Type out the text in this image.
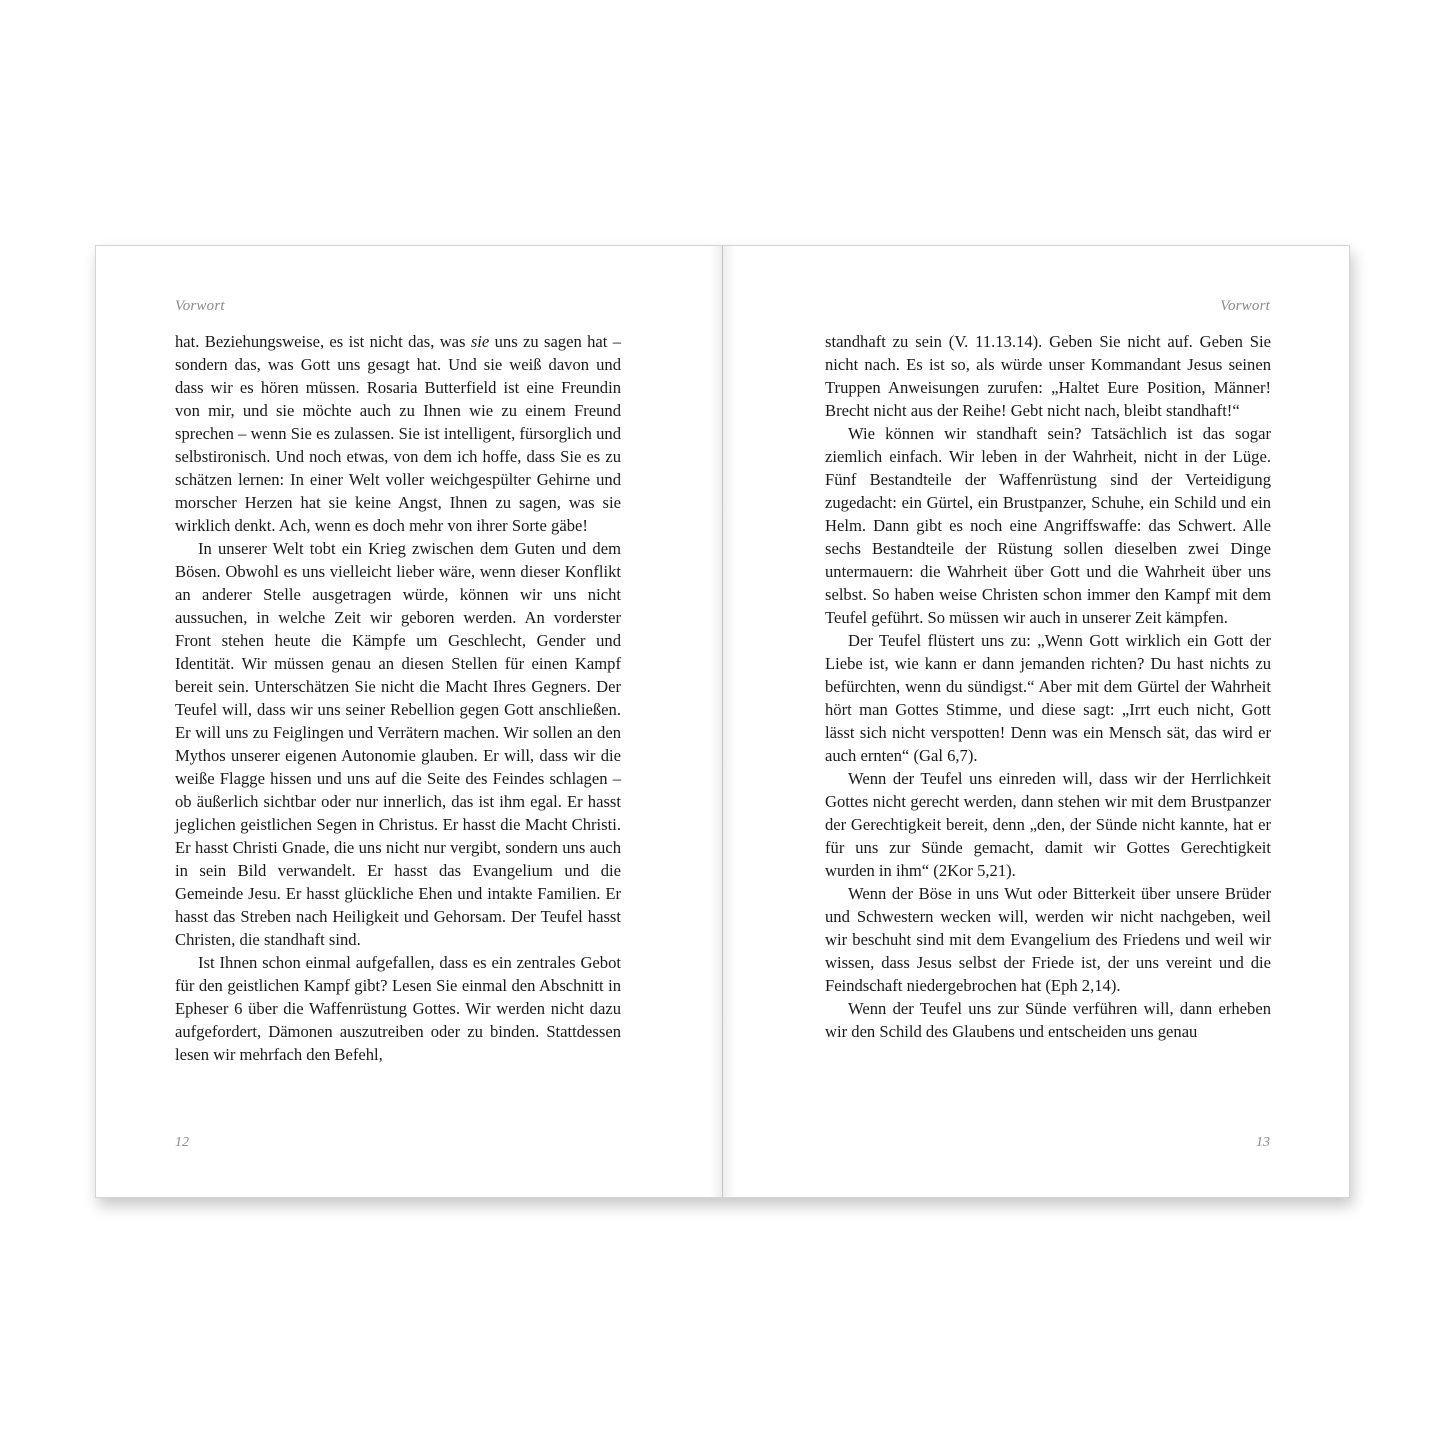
Vorwort

hat. Beziehungsweise, es ist nicht das, was sie uns zu sagen hat – sondern das, was Gott uns gesagt hat. Und sie weiß davon und dass wir es hören müssen. Rosaria Butterfield ist eine Freundin von mir, und sie möchte auch zu Ihnen wie zu einem Freund sprechen – wenn Sie es zulassen. Sie ist intelligent, fürsorglich und selbstironisch. Und noch etwas, von dem ich hoffe, dass Sie es zu schätzen lernen: In einer Welt voller weichgespülter Gehirne und morscher Herzen hat sie keine Angst, Ihnen zu sagen, was sie wirklich denkt. Ach, wenn es doch mehr von ihrer Sorte gäbe!

In unserer Welt tobt ein Krieg zwischen dem Guten und dem Bösen. Obwohl es uns vielleicht lieber wäre, wenn dieser Konflikt an anderer Stelle ausgetragen würde, können wir uns nicht aussuchen, in welche Zeit wir geboren werden. An vorderster Front stehen heute die Kämpfe um Geschlecht, Gender und Identität. Wir müssen genau an diesen Stellen für einen Kampf bereit sein. Unterschätzen Sie nicht die Macht Ihres Gegners. Der Teufel will, dass wir uns seiner Rebellion gegen Gott anschließen. Er will uns zu Feiglingen und Verrätern machen. Wir sollen an den Mythos unserer eigenen Autonomie glauben. Er will, dass wir die weiße Flagge hissen und uns auf die Seite des Feindes schlagen – ob äußerlich sichtbar oder nur innerlich, das ist ihm egal. Er hasst jeglichen geistlichen Segen in Christus. Er hasst die Macht Christi. Er hasst Christi Gnade, die uns nicht nur vergibt, sondern uns auch in sein Bild verwandelt. Er hasst das Evangelium und die Gemeinde Jesu. Er hasst glückliche Ehen und intakte Familien. Er hasst das Streben nach Heiligkeit und Gehorsam. Der Teufel hasst Christen, die standhaft sind.

Ist Ihnen schon einmal aufgefallen, dass es ein zentrales Gebot für den geistlichen Kampf gibt? Lesen Sie einmal den Abschnitt in Epheser 6 über die Waffenrüstung Gottes. Wir werden nicht dazu aufgefordert, Dämonen auszutreiben oder zu binden. Stattdessen lesen wir mehrfach den Befehl,

12
Vorwort

standhaft zu sein (V. 11.13.14). Geben Sie nicht auf. Geben Sie nicht nach. Es ist so, als würde unser Kommandant Jesus seinen Truppen Anweisungen zurufen: „Haltet Eure Position, Männer! Brecht nicht aus der Reihe! Gebt nicht nach, bleibt standhaft!“

Wie können wir standhaft sein? Tatsächlich ist das sogar ziemlich einfach. Wir leben in der Wahrheit, nicht in der Lüge. Fünf Bestandteile der Waffenrüstung sind der Verteidigung zugedacht: ein Gürtel, ein Brustpanzer, Schuhe, ein Schild und ein Helm. Dann gibt es noch eine Angriffswaffe: das Schwert. Alle sechs Bestandteile der Rüstung sollen dieselben zwei Dinge untermauern: die Wahrheit über Gott und die Wahrheit über uns selbst. So haben weise Christen schon immer den Kampf mit dem Teufel geführt. So müssen wir auch in unserer Zeit kämpfen.

Der Teufel flüstert uns zu: „Wenn Gott wirklich ein Gott der Liebe ist, wie kann er dann jemanden richten? Du hast nichts zu befürchten, wenn du sündigst.“ Aber mit dem Gürtel der Wahrheit hört man Gottes Stimme, und diese sagt: „Irrt euch nicht, Gott lässt sich nicht verspotten! Denn was ein Mensch sät, das wird er auch ernten“ (Gal 6,7).

Wenn der Teufel uns einreden will, dass wir der Herrlichkeit Gottes nicht gerecht werden, dann stehen wir mit dem Brustpanzer der Gerechtigkeit bereit, denn „den, der Sünde nicht kannte, hat er für uns zur Sünde gemacht, damit wir Gottes Gerechtigkeit wurden in ihm“ (2Kor 5,21).

Wenn der Böse in uns Wut oder Bitterkeit über unsere Brüder und Schwestern wecken will, werden wir nicht nachgeben, weil wir beschuht sind mit dem Evangelium des Friedens und weil wir wissen, dass Jesus selbst der Friede ist, der uns vereint und die Feindschaft niedergebrochen hat (Eph 2,14).

Wenn der Teufel uns zur Sünde verführen will, dann erheben wir den Schild des Glaubens und entscheiden uns genau

13
